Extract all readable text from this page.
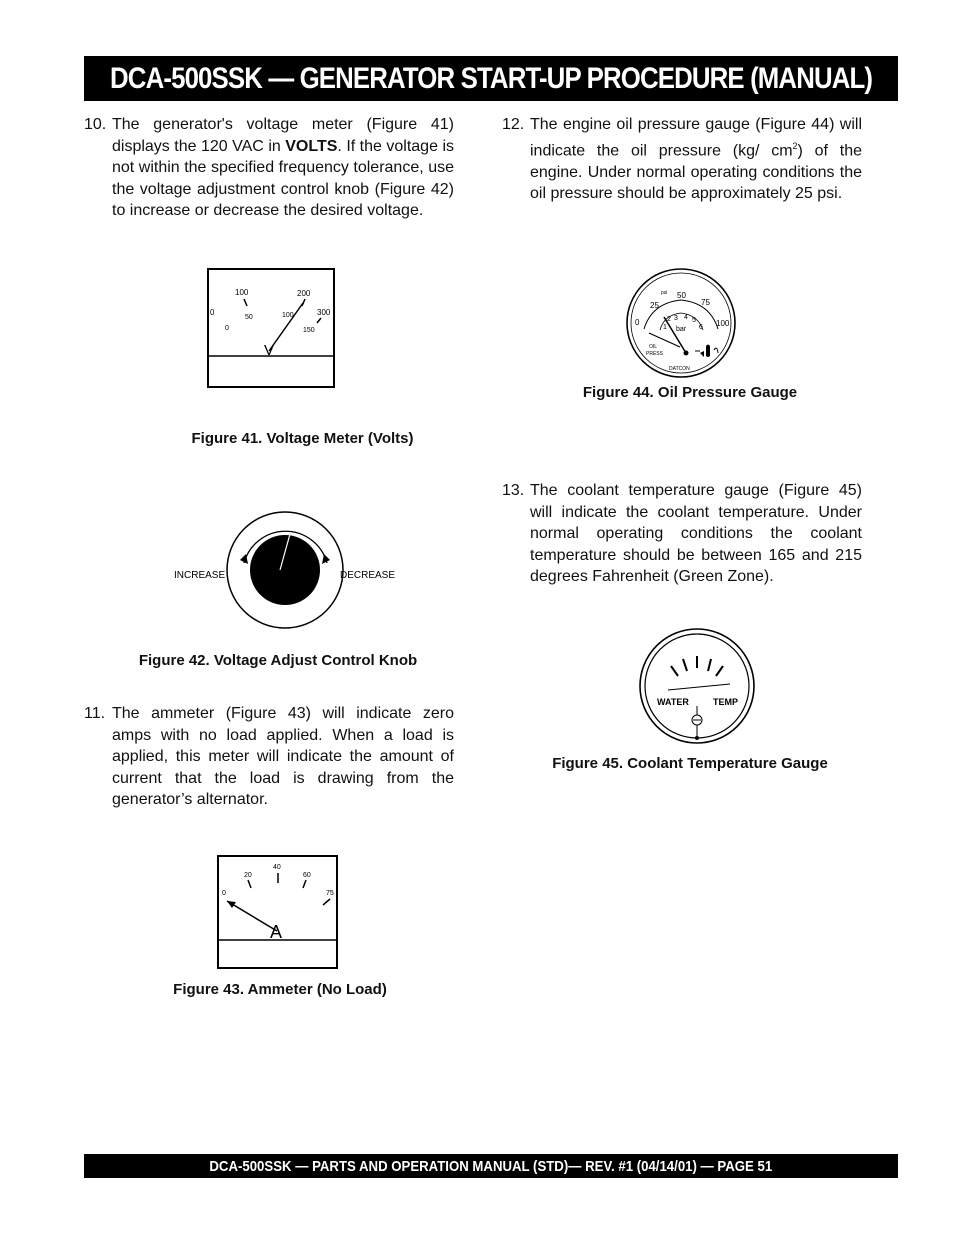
DCA-500SSK — GENERATOR START-UP PROCEDURE (MANUAL)
10. The generator's voltage meter (Figure 41) displays the 120 VAC in VOLTS. If the voltage is not within the specified frequency tolerance, use the voltage adjustment control knob (Figure 42) to increase or decrease the desired voltage.
12. The engine oil pressure gauge (Figure 44) will indicate the oil pressure (kg/ $cm^2$) of the engine. Under normal operating conditions the oil pressure should be approximately 25 psi.
0
100	200
300
0
50	100
150
V
Figure 41. Voltage Meter (Volts)
psi
0
25
50
75
100
1
2 3 4 5
6
bar
OIL
PRESS
DATCON
Figure 44. Oil Pressure Gauge
INCREASE	DECREASE
Figure 42. Voltage Adjust Control Knob
13. The coolant temperature gauge (Figure 45) will indicate the coolant temperature. Under normal operating conditions the coolant temperature should be between 165 and 215 degrees Fahrenheit (Green Zone).
WATER	TEMP
Figure 45. Coolant Temperature Gauge
11. The ammeter (Figure 43) will indicate zero amps with no load applied. When a load is applied, this meter will indicate the amount of current that the load is drawing from the generator’s alternator.
0
20
40
60
75
A
Figure 43. Ammeter (No Load)
DCA-500SSK — PARTS AND OPERATION MANUAL (STD)— REV. #1 (04/14/01) — PAGE 51
